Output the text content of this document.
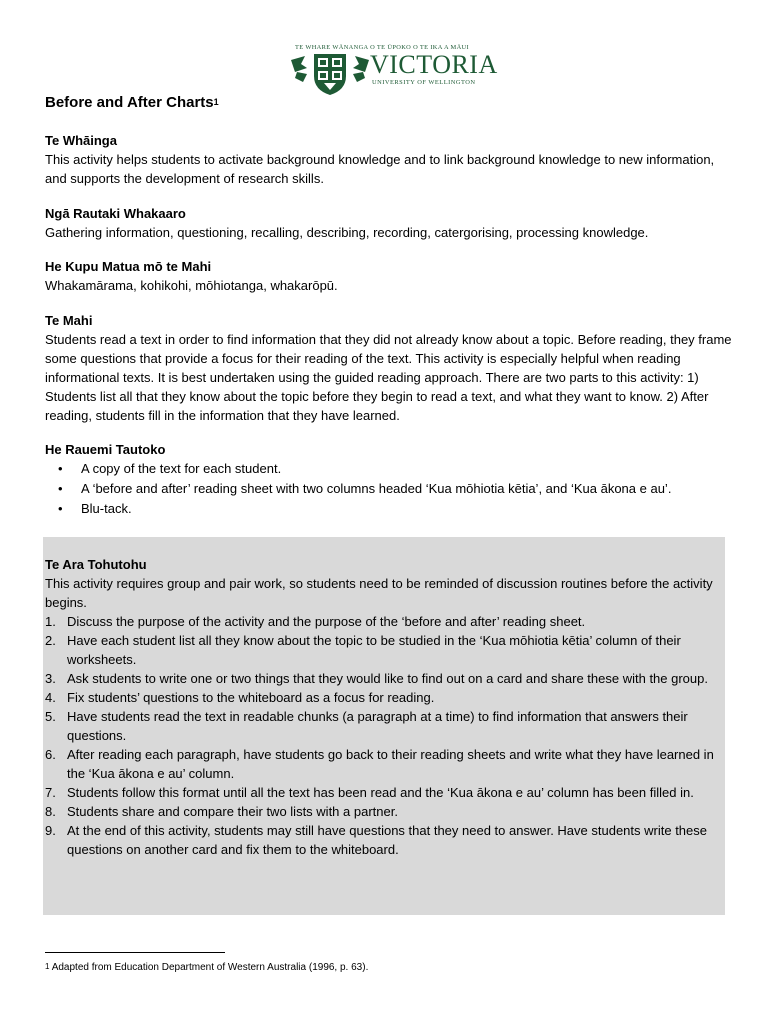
TE WHARE WĀNANGA O TE ŪPOKO O TE IKA A MĀUI
VICTORIA
UNIVERSITY OF WELLINGTON
Before and After Charts$^1$
Te Whāinga

This activity helps students to activate background knowledge and to link background knowledge to new information, and supports the development of research skills.

Ngā Rautaki Whakaaro

Gathering information, questioning, recalling, describing, recording, catergorising, processing knowledge.

He Kupu Matua mō te Mahi

Whakamārama, kohikohi, mōhiotanga, whakarōpū.

Te Mahi

Students read a text in order to find information that they did not already know about a topic. Before reading, they frame some questions that provide a focus for their reading of the text. This activity is especially helpful when reading informational texts. It is best undertaken using the guided reading approach. There are two parts to this activity: 1) Students list all that they know about the topic before they begin to read a text, and what they want to know. 2) After reading, students fill in the information that they have learned.

He Rauemi Tautoko
• A copy of the text for each student.
• A ‘before and after’ reading sheet with two columns headed ‘Kua mōhiotia kētia’, and ‘Kua ākona e au’.
• Blu-tack.
Te Ara Tohutohu

This activity requires group and pair work, so students need to be reminded of discussion routines before the activity begins.

1. Discuss the purpose of the activity and the purpose of the ‘before and after’ reading sheet.
2. Have each student list all they know about the topic to be studied in the ‘Kua mōhiotia kētia’ column of their worksheets.
3. Ask students to write one or two things that they would like to find out on a card and share these with the group.
4. Fix students’ questions to the whiteboard as a focus for reading.
5. Have students read the text in readable chunks (a paragraph at a time) to find information that answers their questions.
6. After reading each paragraph, have students go back to their reading sheets and write what they have learned in the ‘Kua ākona e au’ column.
7. Students follow this format until all the text has been read and the ‘Kua ākona e au’ column has been filled in.
8. Students share and compare their two lists with a partner.
9. At the end of this activity, students may still have questions that they need to answer. Have students write these questions on another card and fix them to the whiteboard.
$^1$ Adapted from Education Department of Western Australia (1996, p. 63).
